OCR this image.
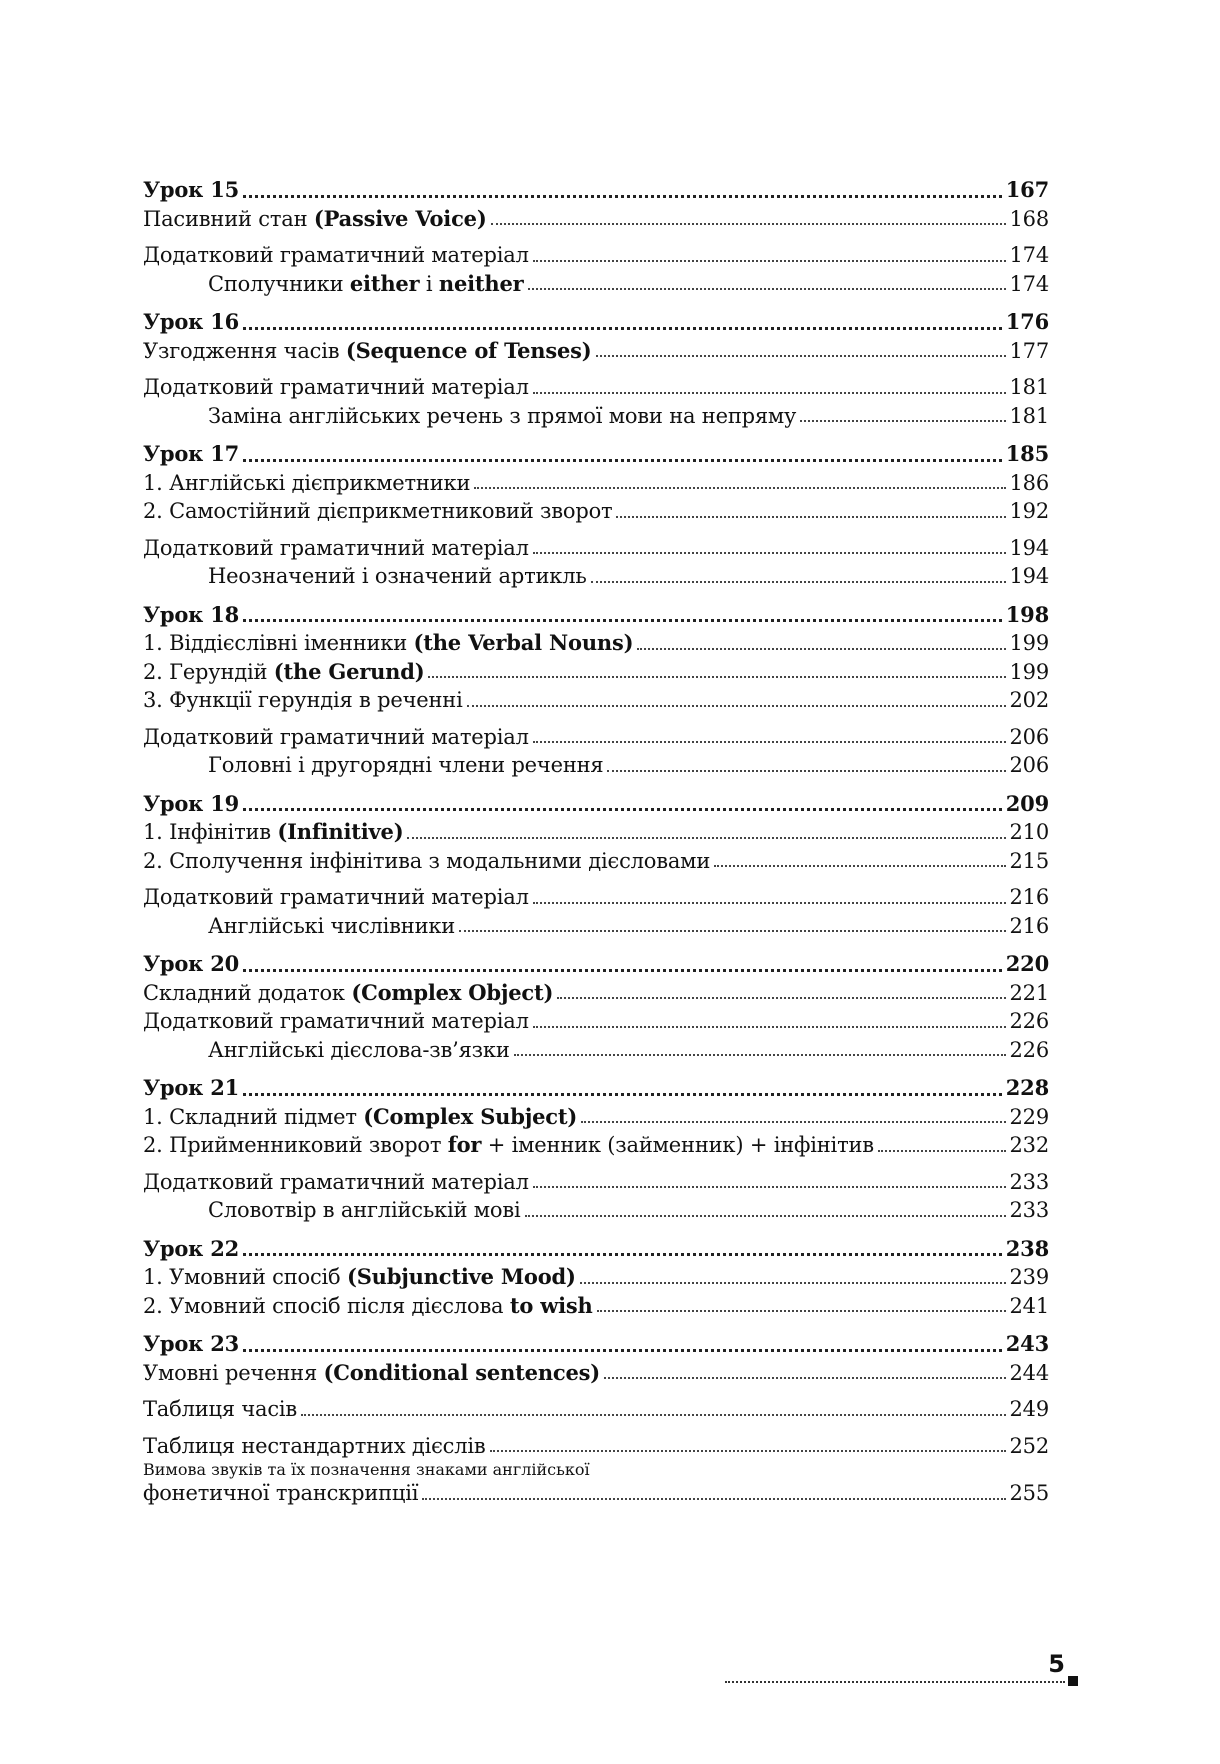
Урок 15	167
Пасивний стан (Passive Voice)	168
Додатковий граматичний матеріал	174
Сполучники either і neither	174
Урок 16	176
Узгодження часів (Sequence of Tenses)	177
Додатковий граматичний матеріал	181
Заміна англійських речень з прямої мови на непряму	181
Урок 17	185
1. Англійські дієприкметники	186
2. Самостійний дієприкметниковий зворот	192
Додатковий граматичний матеріал	194
Неозначений і означений артикль	194
Урок 18	198
1. Віддієслівні іменники (the Verbal Nouns)	199
2. Герундій (the Gerund)	199
3. Функції герундія в реченні	202
Додатковий граматичний матеріал	206
Головні і другорядні члени речення	206
Урок 19	209
1. Інфінітив (Infinitive)	210
2. Сполучення інфінітива з модальними дієсловами	215
Додатковий граматичний матеріал	216
Англійські числівники	216
Урок 20	220
Складний додаток (Complex Object)	221
Додатковий граматичний матеріал	226
Англійські дієслова-зв’язки	226
Урок 21	228
1. Складний підмет (Complex Subject)	229
2. Прийменниковий зворот for + іменник (займенник) + інфінітив	232
Додатковий граматичний матеріал	233
Словотвір в англійській мові	233
Урок 22	238
1. Умовний спосіб (Subjunctive Mood)	239
2. Умовний спосіб після дієслова to wish	241
Урок 23	243
Умовні речення (Conditional sentences)	244
Таблиця часів	249
Таблиця нестандартних дієслів	252
Вимова звуків та їх позначення знаками англійської
фонетичної транскрипції	255
5
